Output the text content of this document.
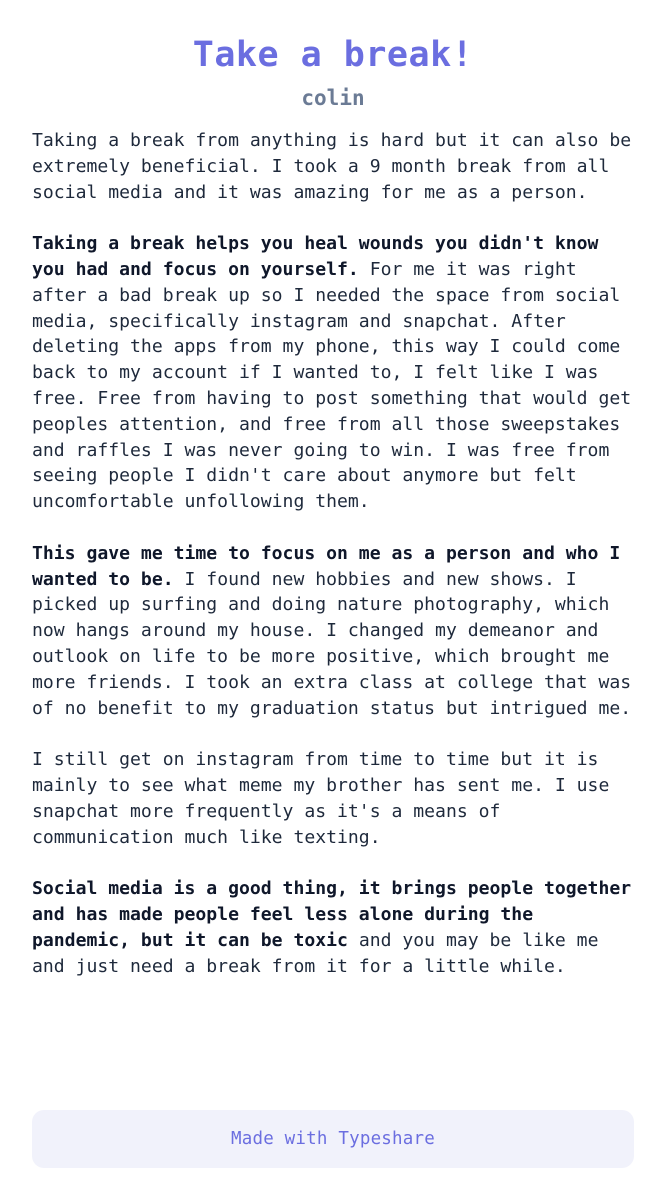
Take a break!
colin

Taking a break from anything is hard but it can also be extremely beneficial. I took a 9 month break from all social media and it was amazing for me as a person.

Taking a break helps you heal wounds you didn't know you had and focus on yourself. For me it was right after a bad break up so I needed the space from social media, specifically instagram and snapchat. After deleting the apps from my phone, this way I could come back to my account if I wanted to, I felt like I was free. Free from having to post something that would get peoples attention, and free from all those sweepstakes and raffles I was never going to win. I was free from seeing people I didn't care about anymore but felt uncomfortable unfollowing them.

This gave me time to focus on me as a person and who I wanted to be. I found new hobbies and new shows. I picked up surfing and doing nature photography, which now hangs around my house. I changed my demeanor and outlook on life to be more positive, which brought me more friends. I took an extra class at college that was of no benefit to my graduation status but intrigued me.

I still get on instagram from time to time but it is mainly to see what meme my brother has sent me. I use snapchat more frequently as it's a means of communication much like texting.

Social media is a good thing, it brings people together and has made people feel less alone during the pandemic, but it can be toxic and you may be like me and just need a break from it for a little while.

Made with Typeshare
